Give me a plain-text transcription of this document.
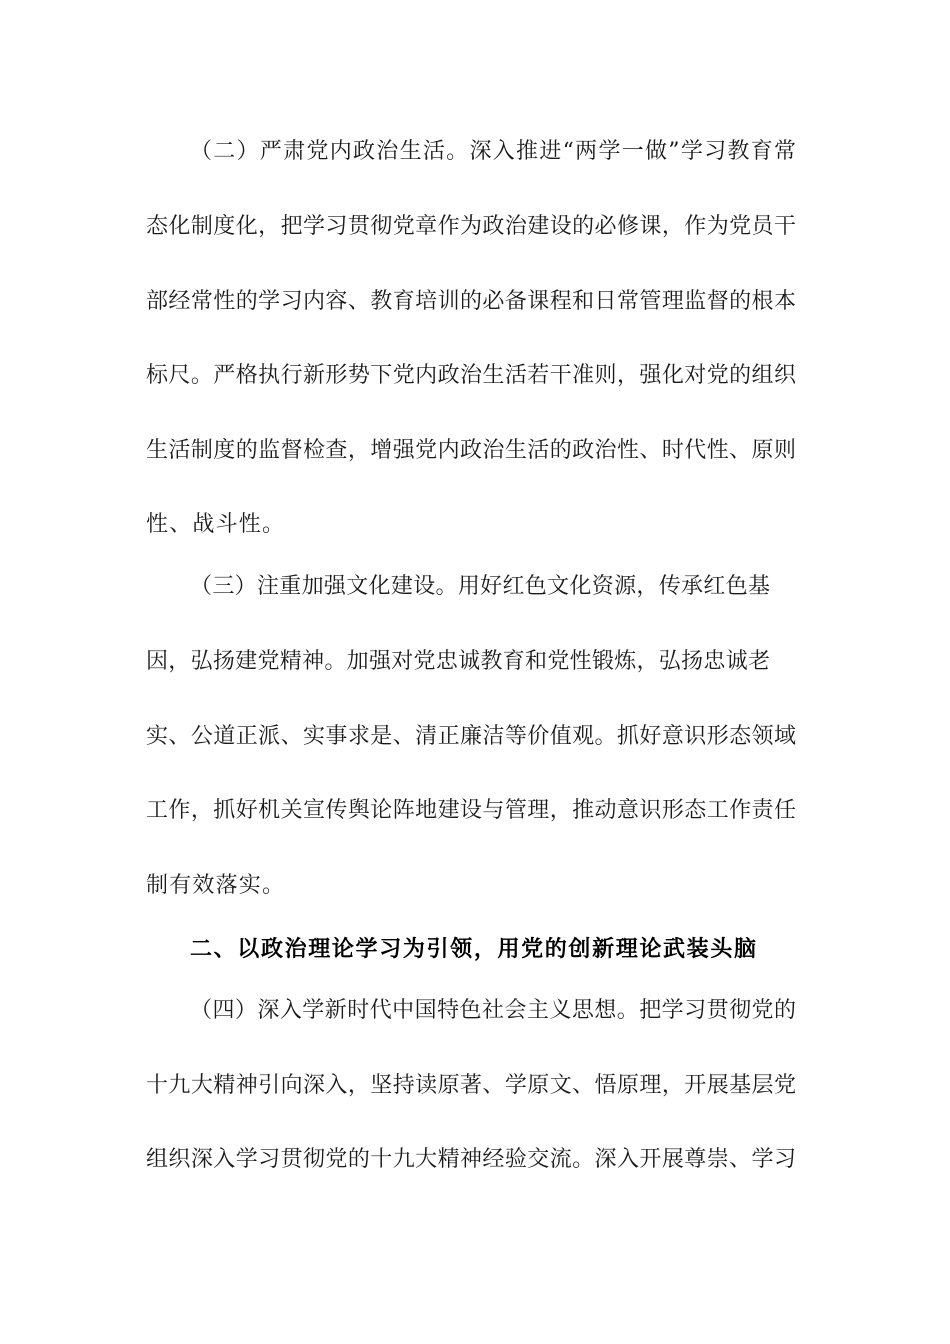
（二）严肃党内政治生活。深入推进“两学一做”学习教育常
态化制度化，把学习贯彻党章作为政治建设的必修课，作为党员干
部经常性的学习内容、教育培训的必备课程和日常管理监督的根本
标尺。严格执行新形势下党内政治生活若干准则，强化对党的组织
生活制度的监督检查，增强党内政治生活的政治性、时代性、原则
性、战斗性。
（三）注重加强文化建设。用好红色文化资源，传承红色基
因，弘扬建党精神。加强对党忠诚教育和党性锻炼，弘扬忠诚老
实、公道正派、实事求是、清正廉洁等价值观。抓好意识形态领域
工作，抓好机关宣传舆论阵地建设与管理，推动意识形态工作责任
制有效落实。
二、以政治理论学习为引领，用党的创新理论武装头脑
（四）深入学新时代中国特色社会主义思想。把学习贯彻党的
十九大精神引向深入，坚持读原著、学原文、悟原理，开展基层党
组织深入学习贯彻党的十九大精神经验交流。深入开展尊崇、学习
